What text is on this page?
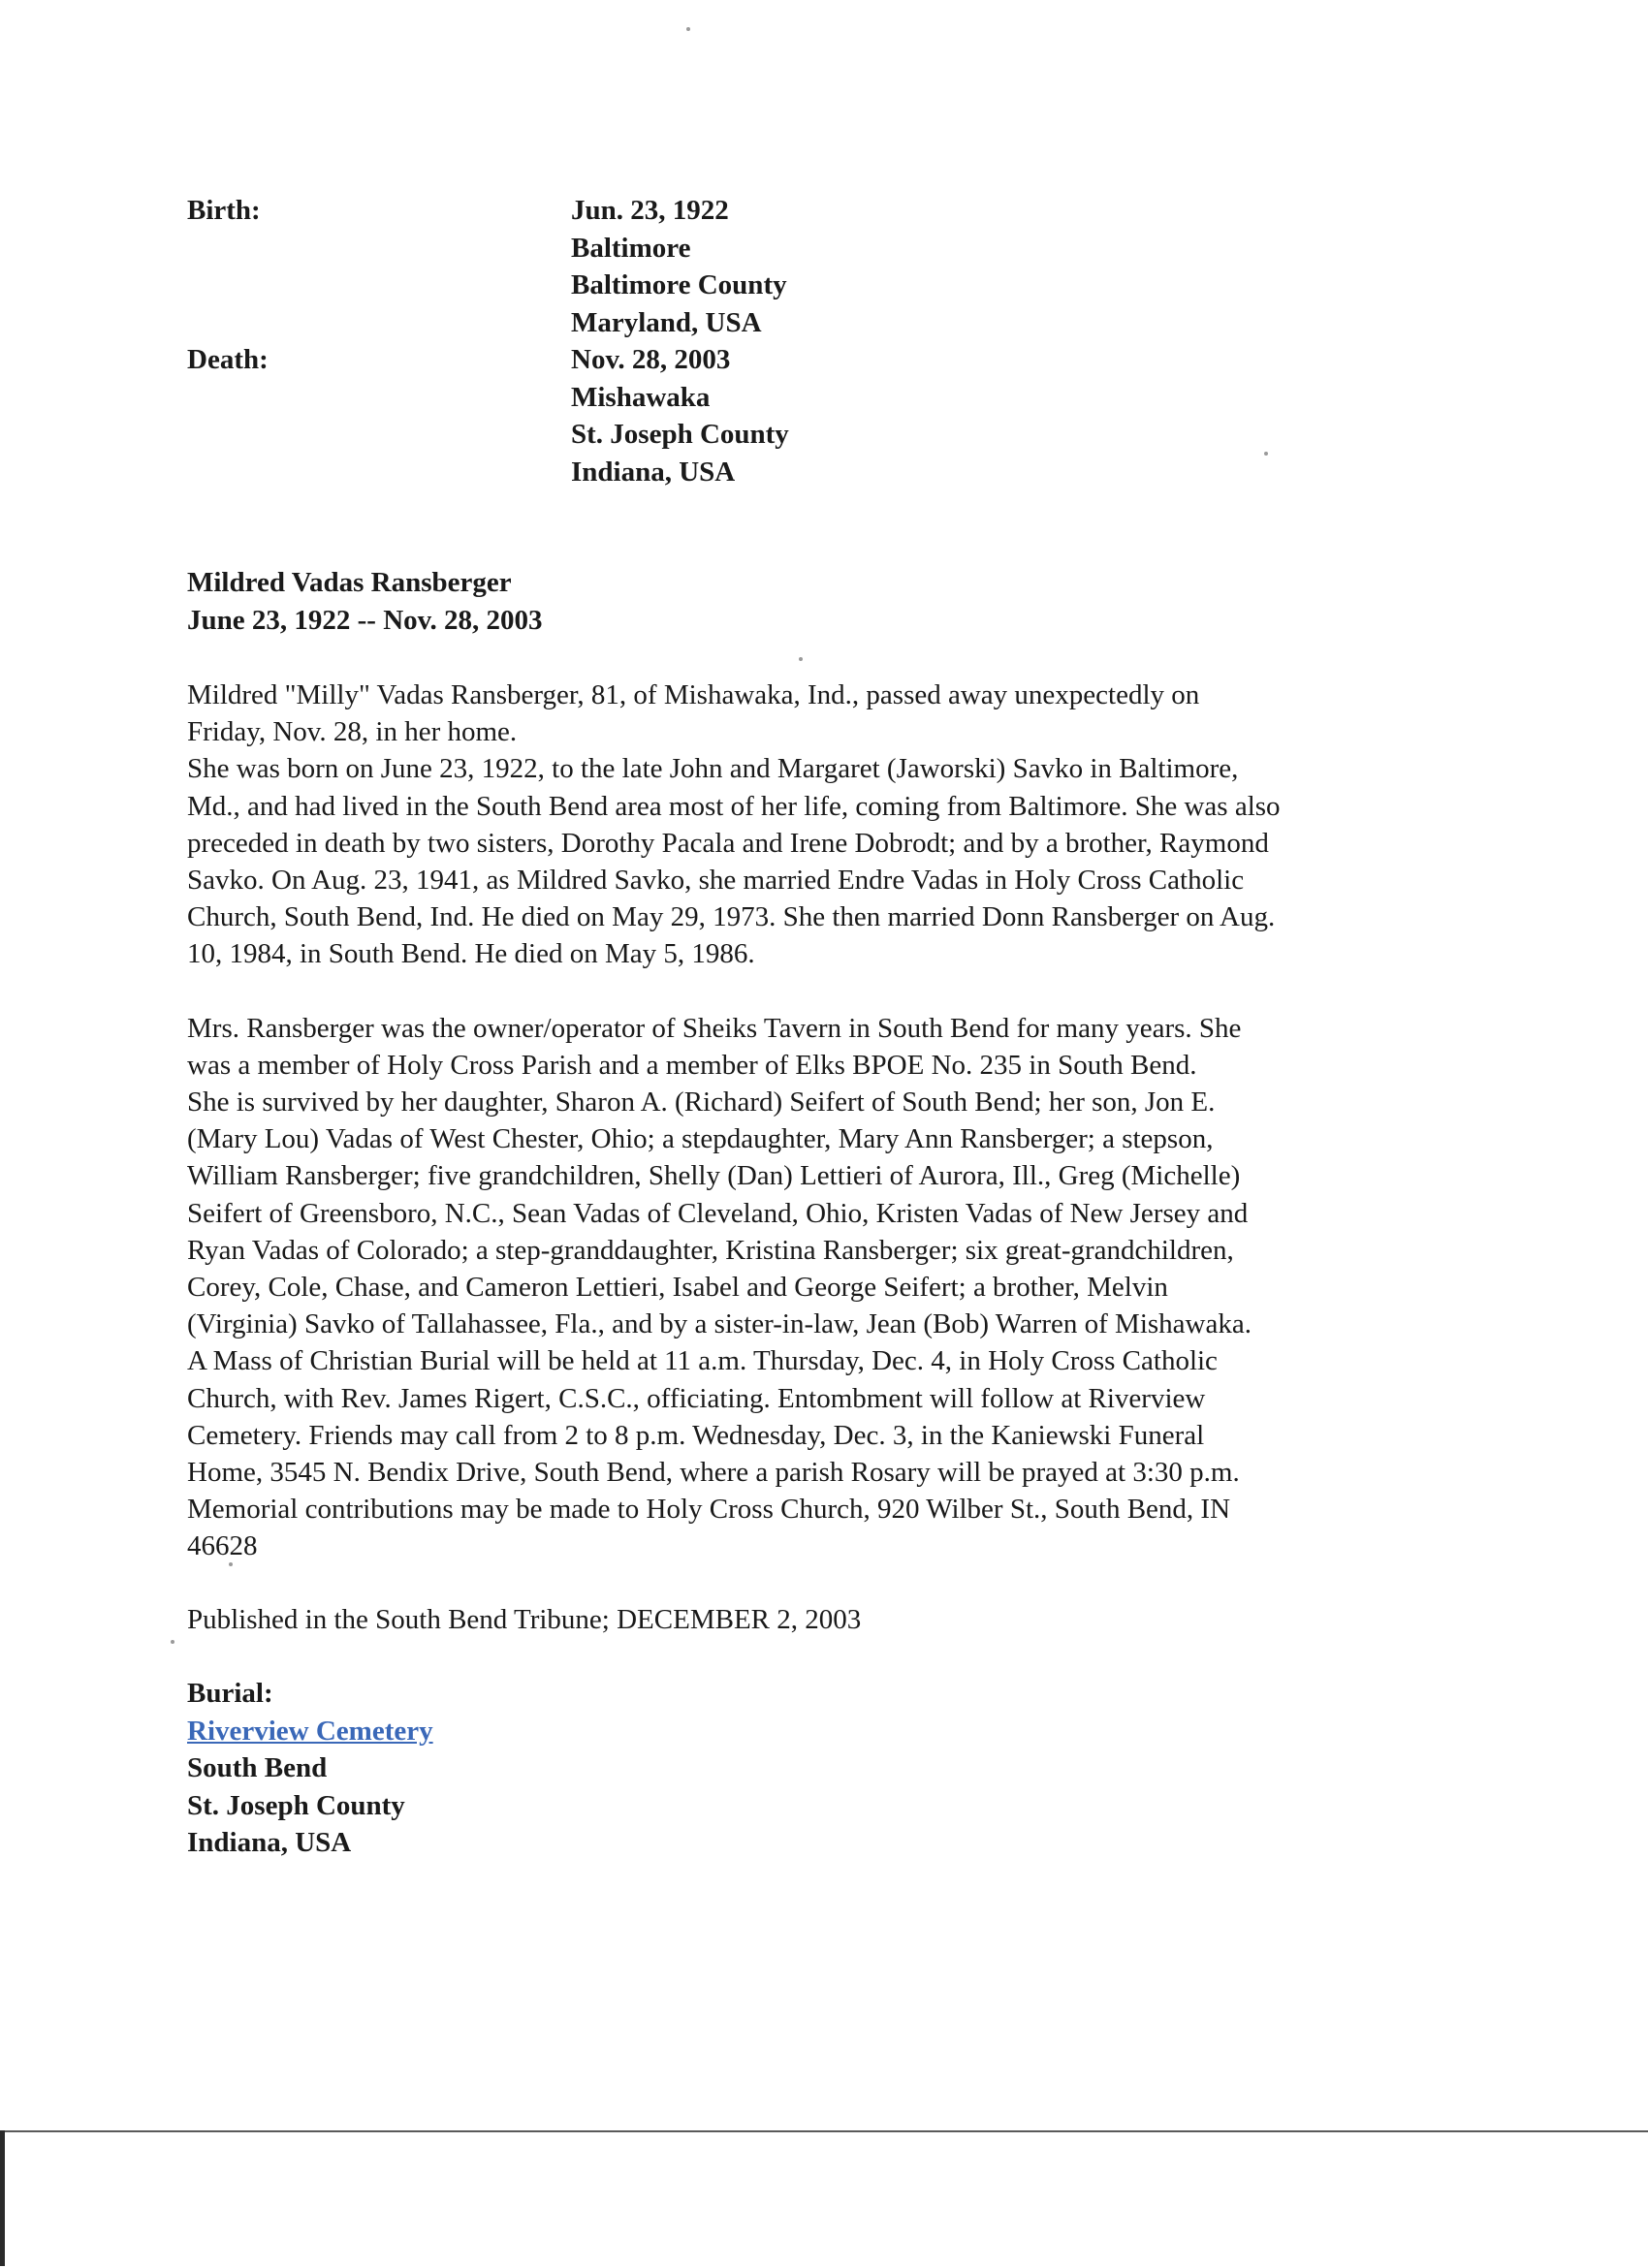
Birth:	Jun. 23, 1922
Baltimore
Baltimore County
Maryland, USA
Death:	Nov. 28, 2003
Mishawaka
St. Joseph County
Indiana, USA
Mildred Vadas Ransberger
June 23, 1922 -- Nov. 28, 2003

Mildred "Milly" Vadas Ransberger, 81, of Mishawaka, Ind., passed away unexpectedly on
Friday, Nov. 28, in her home.
She was born on June 23, 1922, to the late John and Margaret (Jaworski) Savko in Baltimore,
Md., and had lived in the South Bend area most of her life, coming from Baltimore. She was also
preceded in death by two sisters, Dorothy Pacala and Irene Dobrodt; and by a brother, Raymond
Savko. On Aug. 23, 1941, as Mildred Savko, she married Endre Vadas in Holy Cross Catholic
Church, South Bend, Ind. He died on May 29, 1973. She then married Donn Ransberger on Aug.
10, 1984, in South Bend. He died on May 5, 1986.

Mrs. Ransberger was the owner/operator of Sheiks Tavern in South Bend for many years. She
was a member of Holy Cross Parish and a member of Elks BPOE No. 235 in South Bend.
She is survived by her daughter, Sharon A. (Richard) Seifert of South Bend; her son, Jon E.
(Mary Lou) Vadas of West Chester, Ohio; a stepdaughter, Mary Ann Ransberger; a stepson,
William Ransberger; five grandchildren, Shelly (Dan) Lettieri of Aurora, Ill., Greg (Michelle)
Seifert of Greensboro, N.C., Sean Vadas of Cleveland, Ohio, Kristen Vadas of New Jersey and
Ryan Vadas of Colorado; a step-granddaughter, Kristina Ransberger; six great-grandchildren,
Corey, Cole, Chase, and Cameron Lettieri, Isabel and George Seifert; a brother, Melvin
(Virginia) Savko of Tallahassee, Fla., and by a sister-in-law, Jean (Bob) Warren of Mishawaka.
A Mass of Christian Burial will be held at 11 a.m. Thursday, Dec. 4, in Holy Cross Catholic
Church, with Rev. James Rigert, C.S.C., officiating. Entombment will follow at Riverview
Cemetery. Friends may call from 2 to 8 p.m. Wednesday, Dec. 3, in the Kaniewski Funeral
Home, 3545 N. Bendix Drive, South Bend, where a parish Rosary will be prayed at 3:30 p.m.
Memorial contributions may be made to Holy Cross Church, 920 Wilber St., South Bend, IN
46628

Published in the South Bend Tribune; DECEMBER 2, 2003
Burial:
Riverview Cemetery
South Bend
St. Joseph County
Indiana, USA
